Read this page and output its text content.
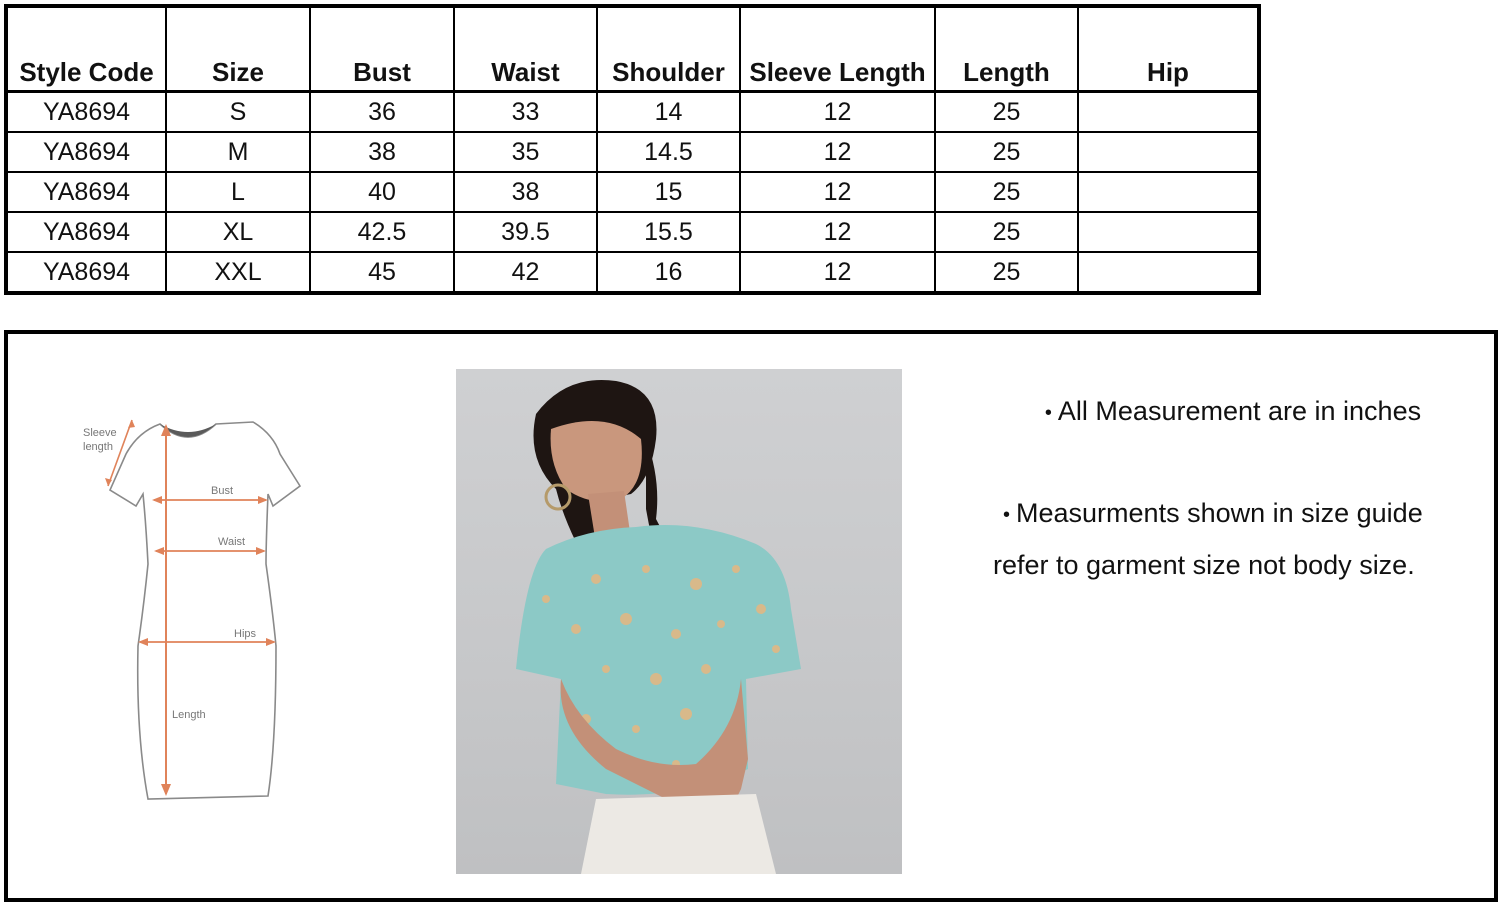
Style Code	Size	Bust	Waist	Shoulder	Sleeve Length	Length	Hip
YA8694	S	36	33	14	12	25	
YA8694	M	38	35	14.5	12	25	
YA8694	L	40	38	15	12	25	
YA8694	XL	42.5	39.5	15.5	12	25	
YA8694	XXL	45	42	16	12	25	
Sleeve
length
Bust
Waist
Hips
Length

• All Measurement are in inches

• Measurments shown in size guide
refer to garment size not body size.
